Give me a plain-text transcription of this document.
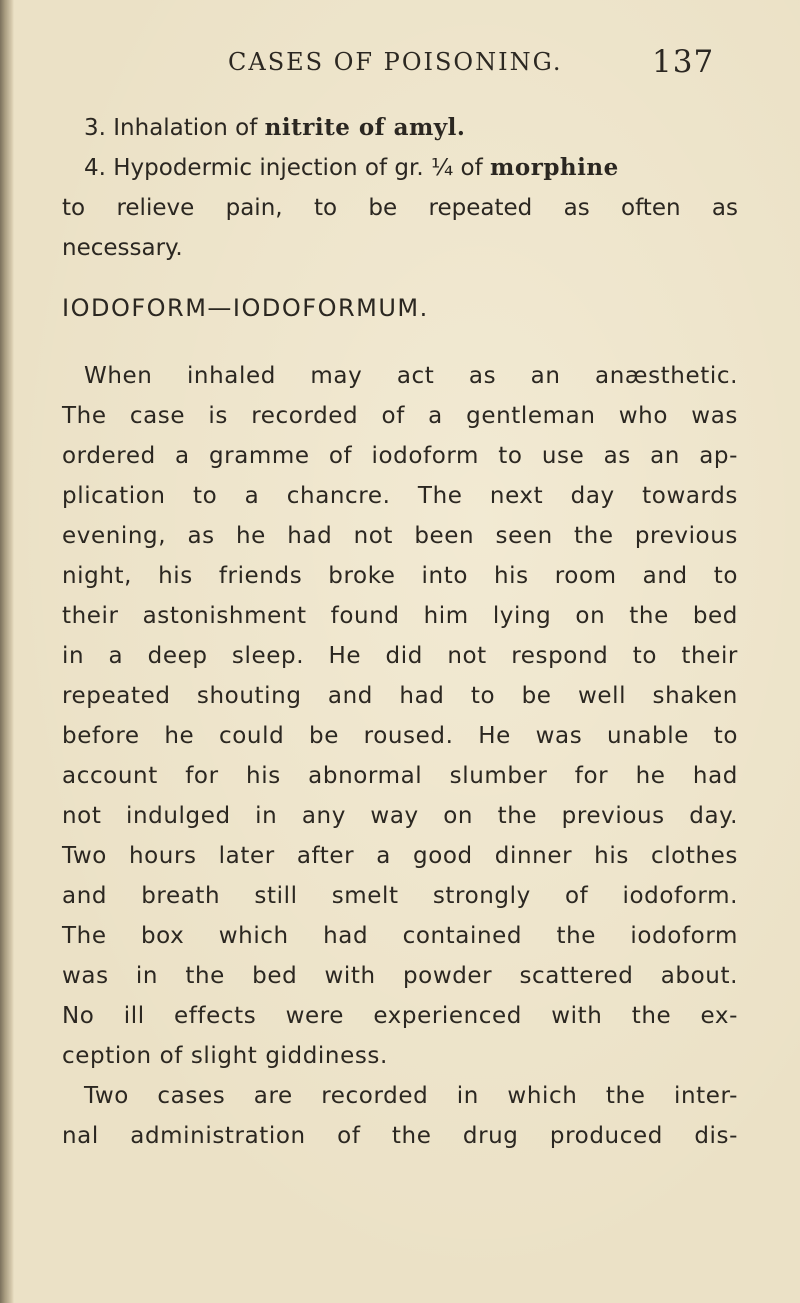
CASES OF POISONING.	137
3. Inhalation of nitrite of amyl.
4. Hypodermic injection of gr. ¼ of morphine
to relieve pain, to be repeated as often as
necessary.
IODOFORM—IODOFORMUM.
When inhaled may act as an anæsthetic.
The case is recorded of a gentleman who was
ordered a gramme of iodoform to use as an ap-
plication to a chancre. The next day towards
evening, as he had not been seen the previous
night, his friends broke into his room and to
their astonishment found him lying on the bed
in a deep sleep. He did not respond to their
repeated shouting and had to be well shaken
before he could be roused. He was unable to
account for his abnormal slumber for he had
not indulged in any way on the previous day.
Two hours later after a good dinner his clothes
and breath still smelt strongly of iodoform.
The box which had contained the iodoform
was in the bed with powder scattered about.
No ill effects were experienced with the ex-
ception of slight giddiness.
Two cases are recorded in which the inter-
nal administration of the drug produced dis-
